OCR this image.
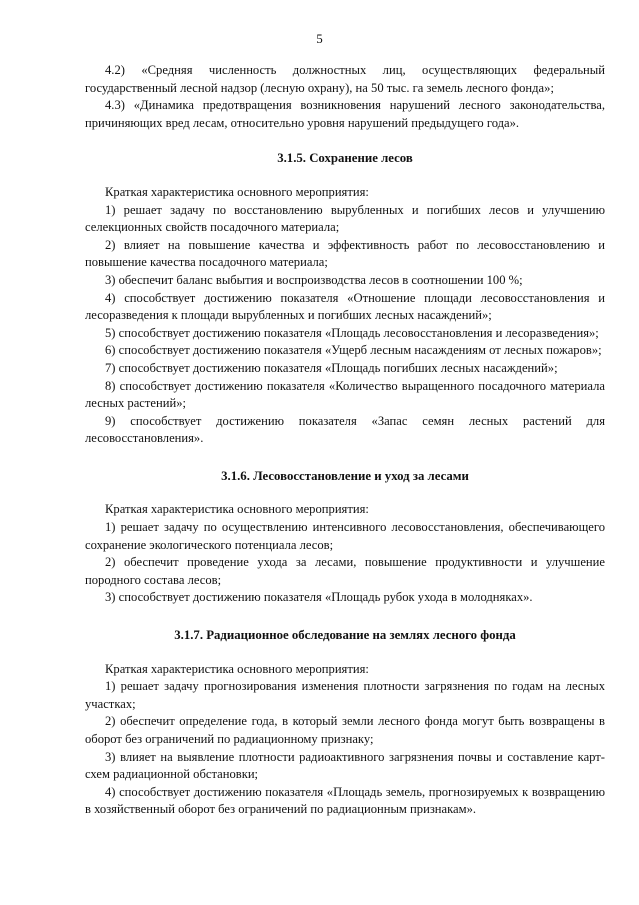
5

4.2) «Средняя численность должностных лиц, осуществляющих федеральный государственный лесной надзор (лесную охрану), на 50 тыс. га земель лесного фонда»;

4.3) «Динамика предотвращения возникновения нарушений лесного законодательства, причиняющих вред лесам, относительно уровня нарушений предыдущего года».

3.1.5. Сохранение лесов

Краткая характеристика основного мероприятия:

1) решает задачу по восстановлению вырубленных и погибших лесов и улучшению селекционных свойств посадочного материала;

2) влияет на повышение качества и эффективность работ по лесовосстановлению и повышение качества посадочного материала;

3) обеспечит баланс выбытия и воспроизводства лесов в соотношении 100 %;

4) способствует достижению показателя «Отношение площади лесовосстановления и лесоразведения к площади вырубленных и погибших лесных насаждений»;

5) способствует достижению показателя «Площадь лесовосстановления и лесоразведения»;

6) способствует достижению показателя «Ущерб лесным насаждениям от лесных пожаров»;

7) способствует достижению показателя «Площадь погибших лесных насаждений»;

8) способствует достижению показателя «Количество выращенного посадочного материала лесных растений»;

9) способствует достижению показателя «Запас семян лесных растений для лесовосстановления».

3.1.6. Лесовосстановление и уход за лесами

Краткая характеристика основного мероприятия:

1) решает задачу по осуществлению интенсивного лесовосстановления, обеспечивающего сохранение экологического потенциала лесов;

2) обеспечит проведение ухода за лесами, повышение продуктивности и улучшение породного состава лесов;

3) способствует достижению показателя «Площадь рубок ухода в молодняках».

3.1.7. Радиационное обследование на землях лесного фонда

Краткая характеристика основного мероприятия:

1) решает задачу прогнозирования изменения плотности загрязнения по годам на лесных участках;

2) обеспечит определение года, в который земли лесного фонда могут быть возвращены в оборот без ограничений по радиационному признаку;

3) влияет на выявление плотности радиоактивного загрязнения почвы и составление карт-схем радиационной обстановки;

4) способствует достижению показателя «Площадь земель, прогнозируемых к возвращению в хозяйственный оборот без ограничений по радиационным признакам».
